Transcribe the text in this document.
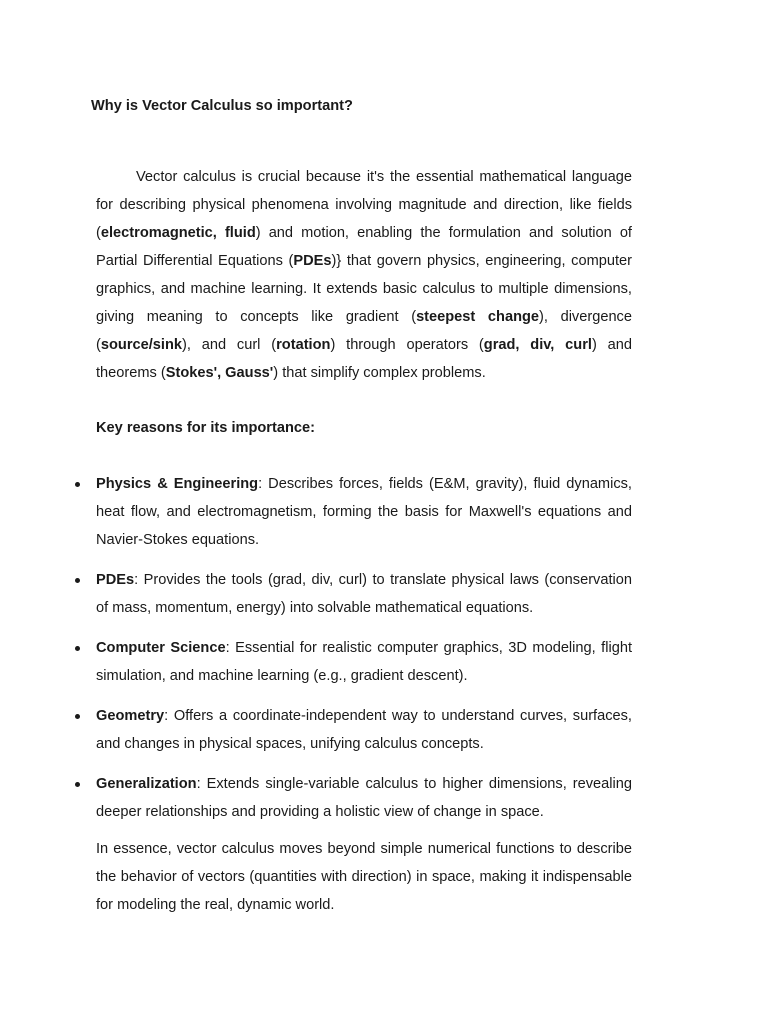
Why is Vector Calculus so important?

Vector calculus is crucial because it's the essential mathematical language for describing physical phenomena involving magnitude and direction, like fields (electromagnetic, fluid) and motion, enabling the formulation and solution of Partial Differential Equations (PDEs)} that govern physics, engineering, computer graphics, and machine learning. It extends basic calculus to multiple dimensions, giving meaning to concepts like gradient (steepest change), divergence (source/sink), and curl (rotation) through operators (grad, div, curl) and theorems (Stokes', Gauss') that simplify complex problems.

Key reasons for its importance:

Physics & Engineering: Describes forces, fields (E&M, gravity), fluid dynamics, heat flow, and electromagnetism, forming the basis for Maxwell's equations and Navier-Stokes equations.
PDEs: Provides the tools (grad, div, curl) to translate physical laws (conservation of mass, momentum, energy) into solvable mathematical equations.
Computer Science: Essential for realistic computer graphics, 3D modeling, flight simulation, and machine learning (e.g., gradient descent).
Geometry: Offers a coordinate-independent way to understand curves, surfaces, and changes in physical spaces, unifying calculus concepts.
Generalization: Extends single-variable calculus to higher dimensions, revealing deeper relationships and providing a holistic view of change in space.

In essence, vector calculus moves beyond simple numerical functions to describe the behavior of vectors (quantities with direction) in space, making it indispensable for modeling the real, dynamic world.
